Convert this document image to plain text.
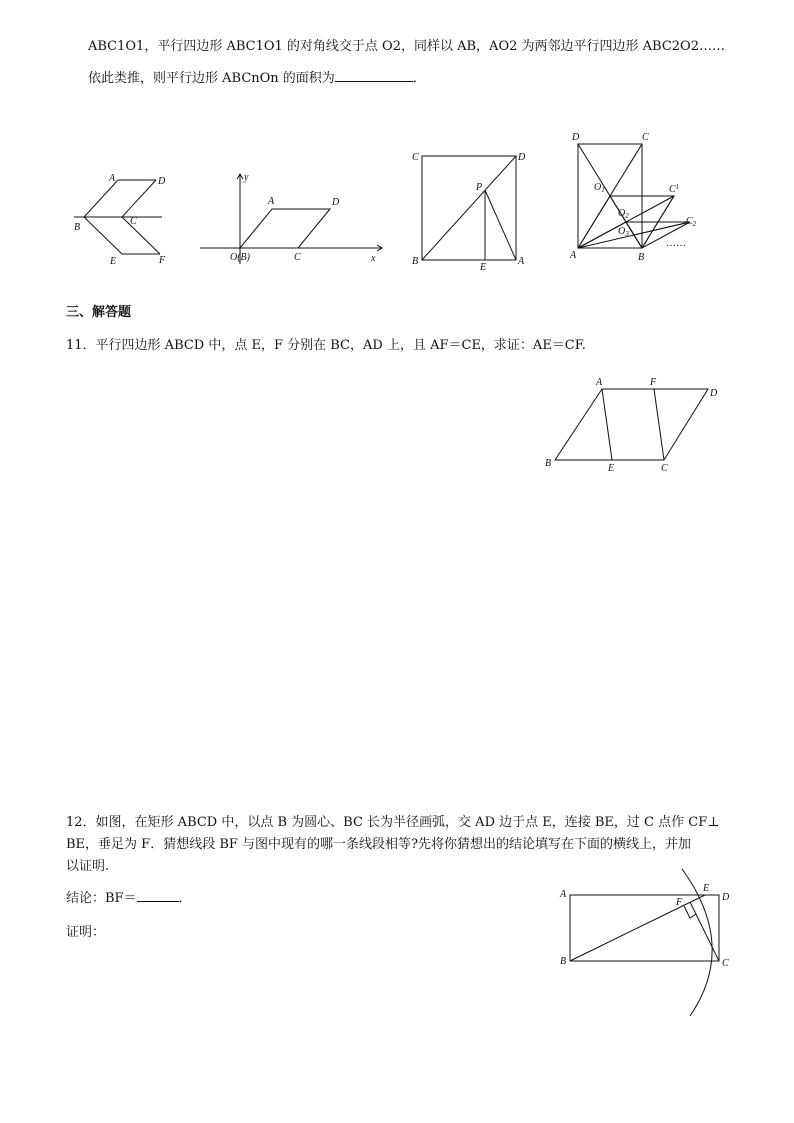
ABC1O1，平行四边形 ABC1O1 的对角线交于点 O2，同样以 AB，AO2 为两邻边平行四边形 ABC2O2……
依此类推，则平行边形 ABCnOn 的面积为	．
A	D
B
C
E	F
y
x
A	D
O(B)	C
C	D
P
B
E
A
D	C
$O_1$	$C^1$
$O_2$	$C_2$
$O_3$
A	B
……
三、解答题
11．平行四边形 ABCD 中，点 E，F 分别在 BC，AD 上，且 AF＝CE，求证：AE＝CF.
A	F
D
B	E	C
12．如图，在矩形 ABCD 中，以点 B 为圆心、BC 长为半径画弧，交 AD 边于点 E，连接 BE，过 C 点作 CF⊥
BE，垂足为 F．猜想线段 BF 与图中现有的哪一条线段相等?先将你猜想出的结论填写在下面的横线上，并加
以证明.
结论：BF＝	．
证明：
A
E
D
F
B	C
